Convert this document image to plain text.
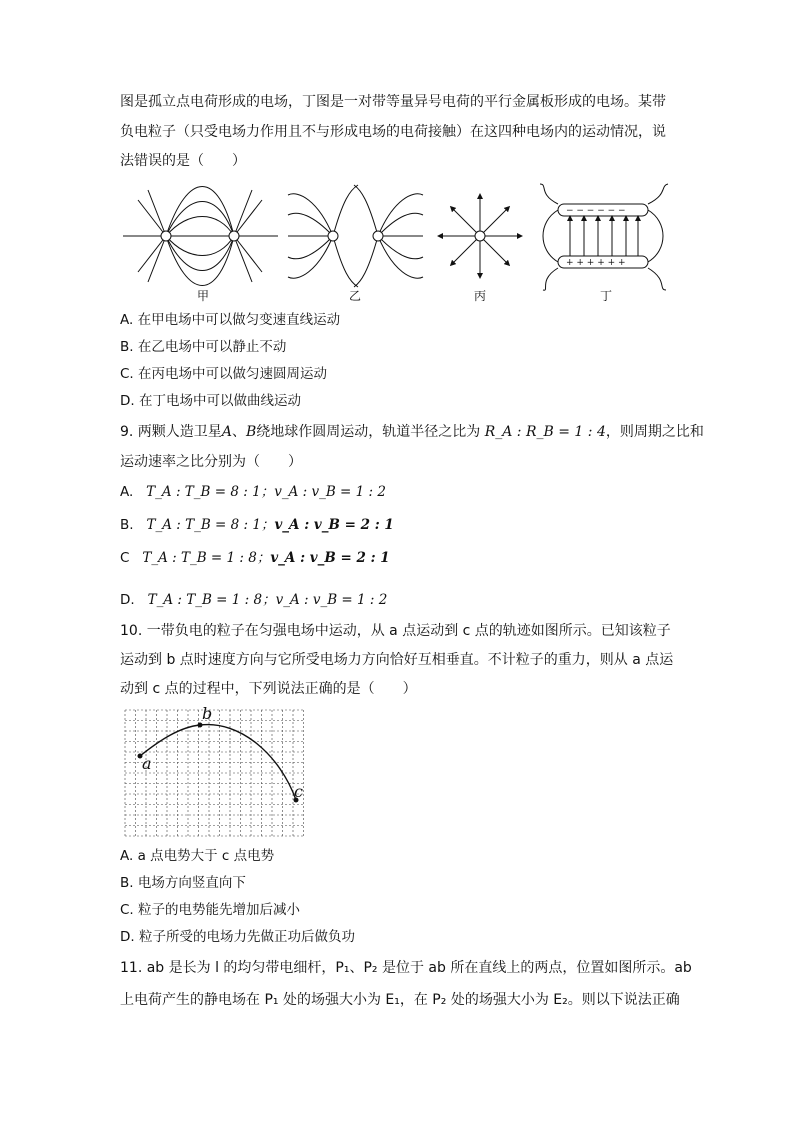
图是孤立点电荷形成的电场，丁图是一对带等量异号电荷的平行金属板形成的电场。某带
负电粒子（只受电场力作用且不与形成电场的电荷接触）在这四种电场内的运动情况，说
法错误的是（　　）
− − − − − −
+ + + + + +
甲	乙	丙	丁
A. 在甲电场中可以做匀变速直线运动
B. 在乙电场中可以静止不动
C. 在丙电场中可以做匀速圆周运动
D. 在丁电场中可以做曲线运动
9. 两颗人造卫星A、B绕地球作圆周运动，轨道半径之比为 R_A : R_B = 1 : 4，则周期之比和
运动速率之比分别为（　　）
A. T_A : T_B = 8 : 1；v_A : v_B = 1 : 2
B. T_A : T_B = 8 : 1；v_A : v_B = 2 : 1
C T_A : T_B = 1 : 8；v_A : v_B = 2 : 1
D. T_A : T_B = 1 : 8；v_A : v_B = 1 : 2
10. 一带负电的粒子在匀强电场中运动，从 a 点运动到 c 点的轨迹如图所示。已知该粒子
运动到 b 点时速度方向与它所受电场力方向恰好互相垂直。不计粒子的重力，则从 a 点运
动到 c 点的过程中，下列说法正确的是（　　）
a
b
c
A. a 点电势大于 c 点电势
B. 电场方向竖直向下
C. 粒子的电势能先增加后减小
D. 粒子所受的电场力先做正功后做负功
11. ab 是长为 l 的均匀带电细杆，P₁、P₂ 是位于 ab 所在直线上的两点，位置如图所示。ab
上电荷产生的静电场在 P₁ 处的场强大小为 E₁，在 P₂ 处的场强大小为 E₂。则以下说法正确
